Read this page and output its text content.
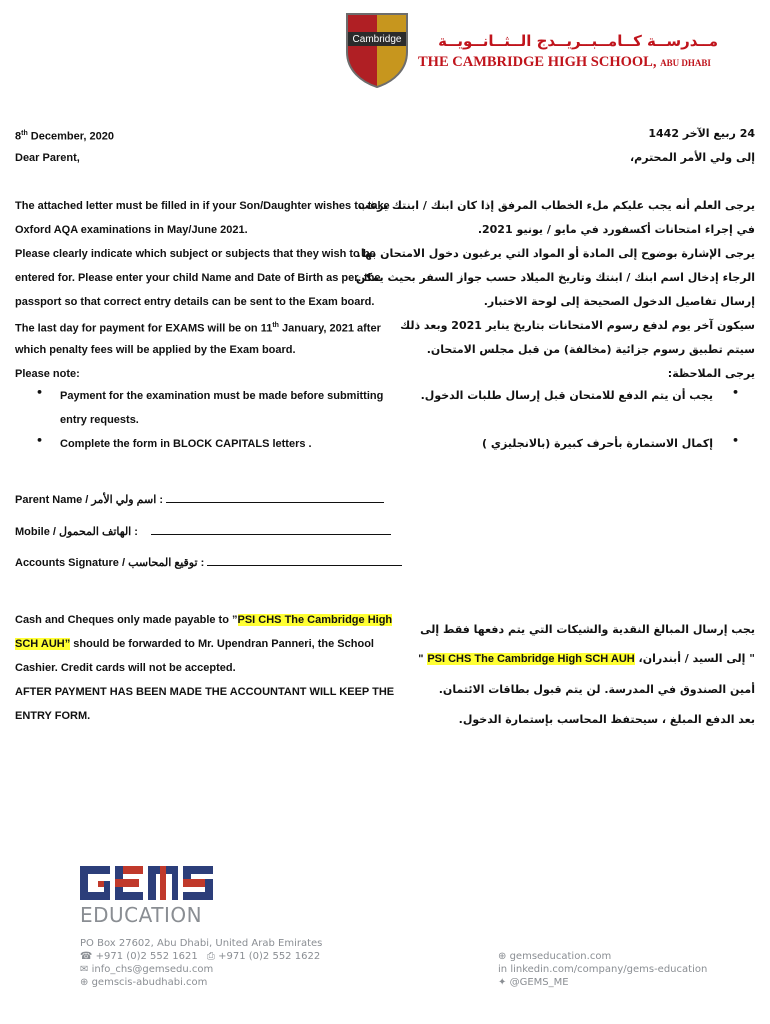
Cambridge	مــدرســة كــامــبــريــدج الــثــانــويــة
THE CAMBRIDGE HIGH SCHOOL, ABU DHABI
8th December, 2020	24 ربيع الآخر 1442
Dear Parent,	إلى ولي الأمر المحترم،
The attached letter must be filled in if your Son/Daughter wishes to take
Oxford AQA examinations in May/June 2021.
Please clearly indicate which subject or subjects that they wish to be
entered for. Please enter your child Name and Date of Birth as per. the
passport so that correct entry details can be sent to the Exam board.
The last day for payment for EXAMS will be on 11th January, 2021 after
which penalty fees will be applied by the Exam board.
Please note:
يرجى العلم أنه يجب عليكم ملء الخطاب المرفق إذا كان ابنك / ابنتك يرغب
في إجراء امتحانات أكسفورد في مايو / يونيو 2021.
يرجى الإشارة بوضوح إلى المادة أو المواد التي يرغبون دخول الامتحان بها.
الرجاء إدخال اسم ابنك / ابنتك وتاريخ الميلاد حسب جواز السفر بحيث يمكن
إرسال تفاصيل الدخول الصحيحة إلى لوحة الاختبار.
سيكون آخر يوم لدفع رسوم الامتحانات بتاريخ يناير 2021 وبعد ذلك
سيتم تطبيق رسوم جزائية (مخالفة) من قبل مجلس الامتحان.
يرجى الملاحظة:
• Payment for the examination must be made before submitting
entry requests.
• Complete the form in BLOCK CAPITALS letters .
•
يجب أن يتم الدفع للامتحان قبل إرسال طلبات الدخول.
•
إكمال الاستمارة بأحرف كبيرة (بالانجليزي )
Parent Name / اسم ولي الأمر :
Mobile / الهاتف المحمول :
Accounts Signature / توقيع المحاسب :
Cash and Cheques only made payable to ”PSI CHS The Cambridge High
SCH AUH” should be forwarded to Mr. Upendran Panneri, the School
Cashier. Credit cards will not be accepted.
AFTER PAYMENT HAS BEEN MADE THE ACCOUNTANT WILL KEEP THE
ENTRY FORM.
يجب إرسال المبالغ النقدية والشيكات التي يتم دفعها فقط إلى
" PSI CHS The Cambridge High SCH AUH " إلى السيد / أبندران،
أمين الصندوق في المدرسة. لن يتم قبول بطاقات الائتمان.
بعد الدفع المبلغ ، سيحتفظ المحاسب بإستمارة الدخول.
EDUCATION
PO Box 27602, Abu Dhabi, United Arab Emirates
☎ +971 (0)2 552 1621 ⎙ +971 (0)2 552 1622
✉ info_chs@gemsedu.com
⊕ gemscis-abudhabi.com
⊕ gemseducation.com
in linkedin.com/company/gems-education
✦ @GEMS_ME
